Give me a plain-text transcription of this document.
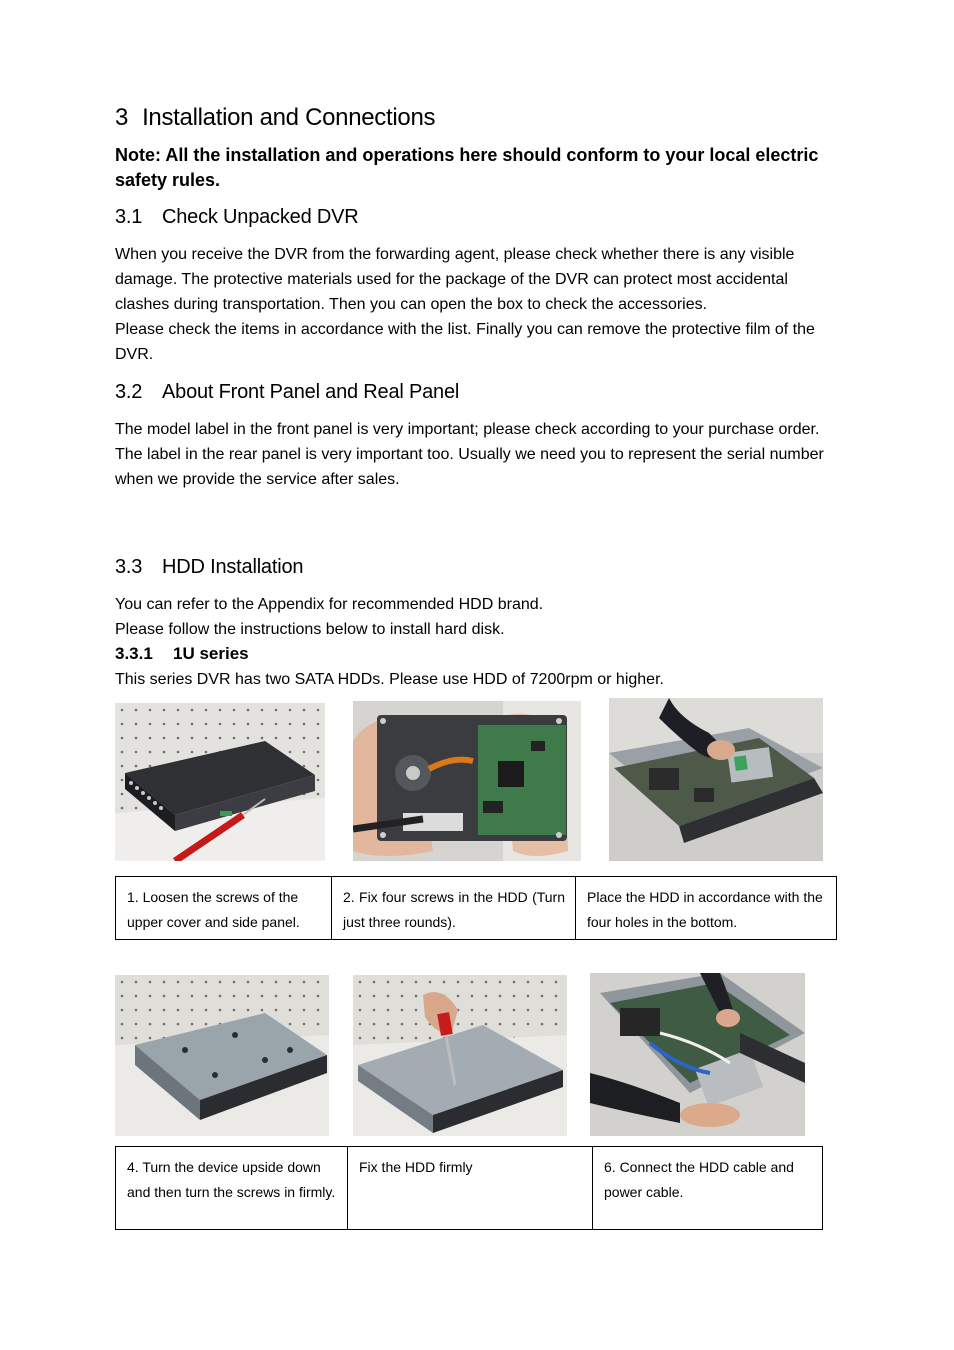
3 Installation and Connections

Note: All the installation and operations here should conform to your local electric safety rules.

3.1 Check Unpacked DVR

When you receive the DVR from the forwarding agent, please check whether there is any visible damage. The protective materials used for the package of the DVR can protect most accidental clashes during transportation. Then you can open the box to check the accessories.

Please check the items in accordance with the list. Finally you can remove the protective film of the DVR.

3.2 About Front Panel and Real Panel

The model label in the front panel is very important; please check according to your purchase order.

The label in the rear panel is very important too. Usually we need you to represent the serial number when we provide the service after sales.

3.3 HDD Installation

You can refer to the Appendix for recommended HDD brand.

Please follow the instructions below to install hard disk.

3.3.1 1U series

This series DVR has two SATA HDDs. Please use HDD of 7200rpm or higher.

1. Loosen the screws of the upper cover and side panel.	2. Fix four screws in the HDD (Turn just three rounds).	Place the HDD in accordance with the four holes in the bottom.
4. Turn the device upside down and then turn the screws in firmly.	Fix the HDD firmly	6. Connect the HDD cable and power cable.
